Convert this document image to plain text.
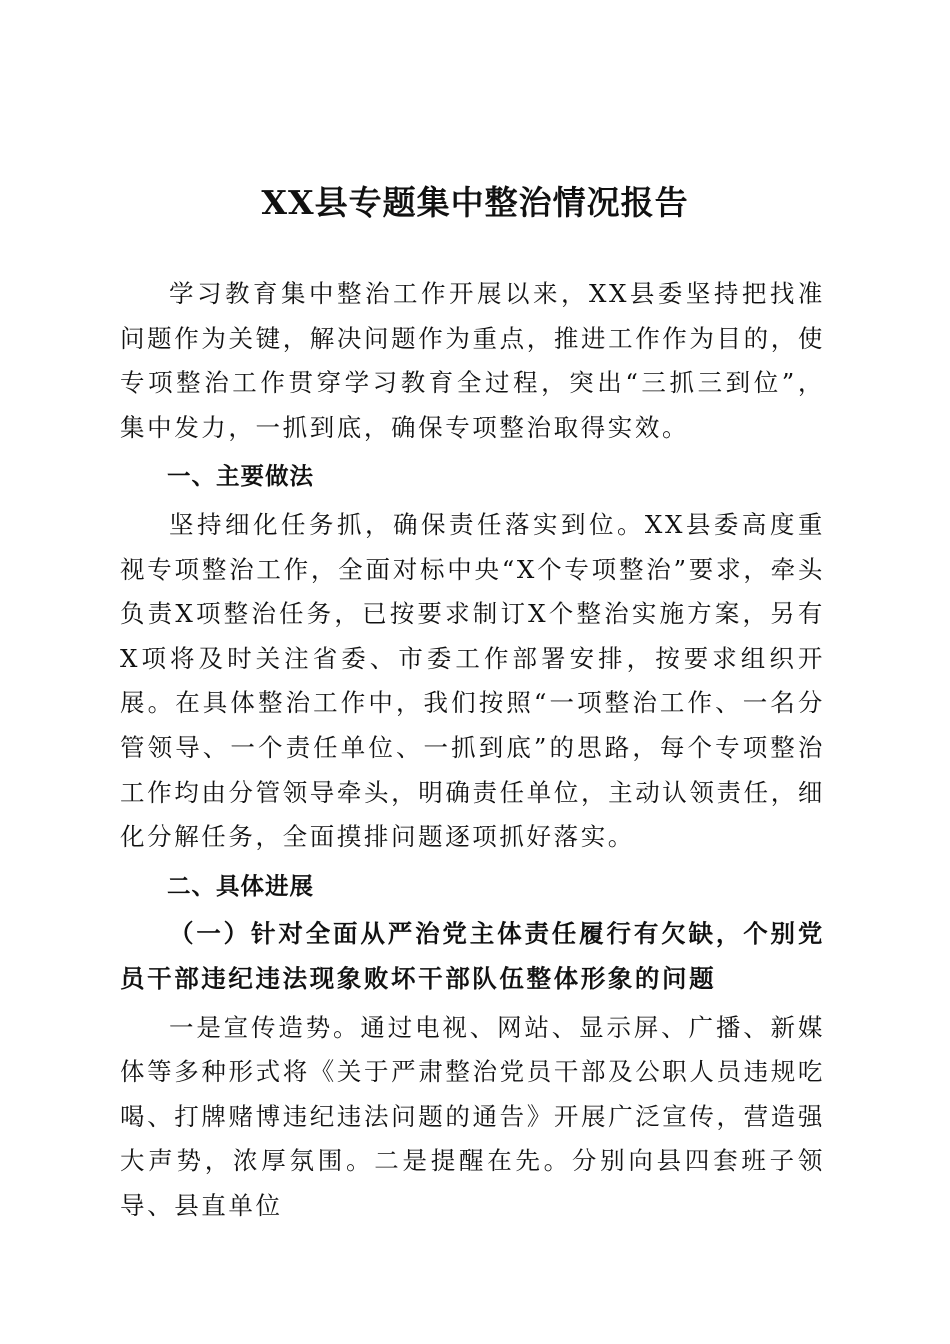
XX县专题集中整治情况报告

学习教育集中整治工作开展以来，XX县委坚持把找准问题作为关键，解决问题作为重点，推进工作作为目的，使专项整治工作贯穿学习教育全过程，突出“三抓三到位”，集中发力，一抓到底，确保专项整治取得实效。

一、主要做法

坚持细化任务抓，确保责任落实到位。XX县委高度重视专项整治工作，全面对标中央“X个专项整治”要求，牵头负责X项整治任务，已按要求制订X个整治实施方案，另有X项将及时关注省委、市委工作部署安排，按要求组织开展。在具体整治工作中，我们按照“一项整治工作、一名分管领导、一个责任单位、一抓到底”的思路，每个专项整治工作均由分管领导牵头，明确责任单位，主动认领责任，细化分解任务，全面摸排问题逐项抓好落实。

二、具体进展

（一）针对全面从严治党主体责任履行有欠缺，个别党员干部违纪违法现象败坏干部队伍整体形象的问题

一是宣传造势。通过电视、网站、显示屏、广播、新媒体等多种形式将《关于严肃整治党员干部及公职人员违规吃喝、打牌赌博违纪违法问题的通告》开展广泛宣传，营造强大声势，浓厚氛围。二是提醒在先。分别向县四套班子领导、县直单位
